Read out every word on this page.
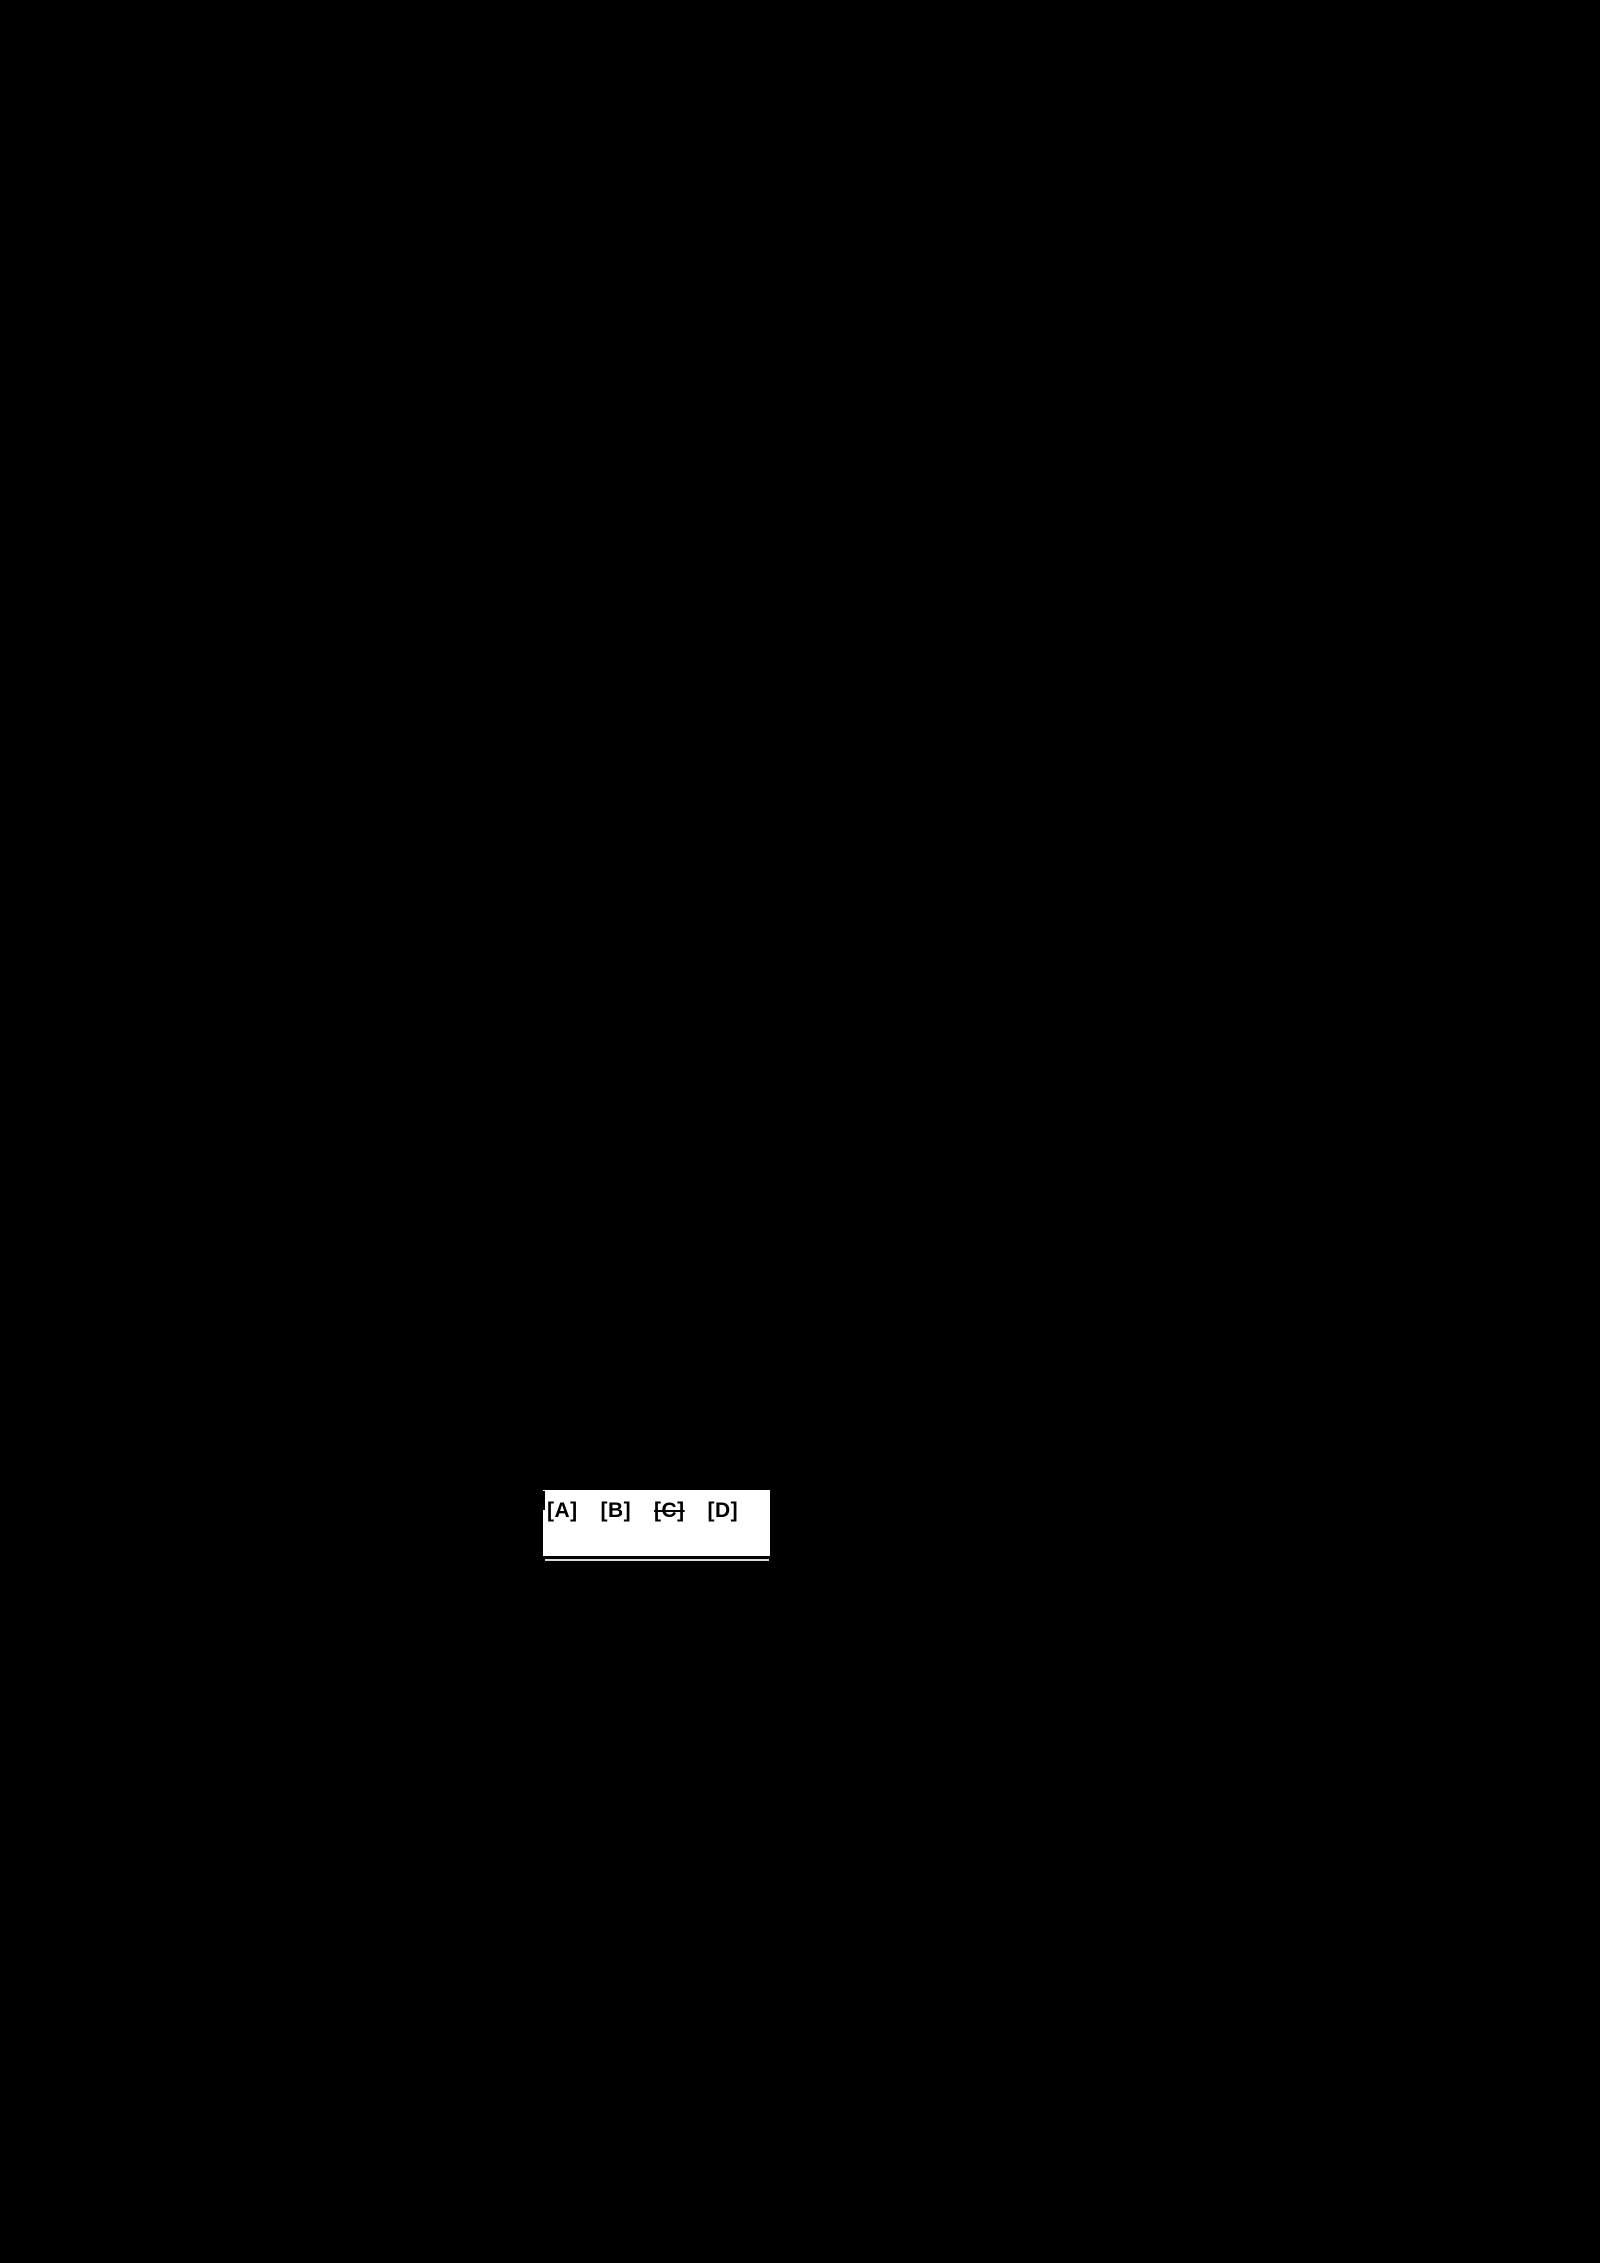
[A] [B] [C] [D]
